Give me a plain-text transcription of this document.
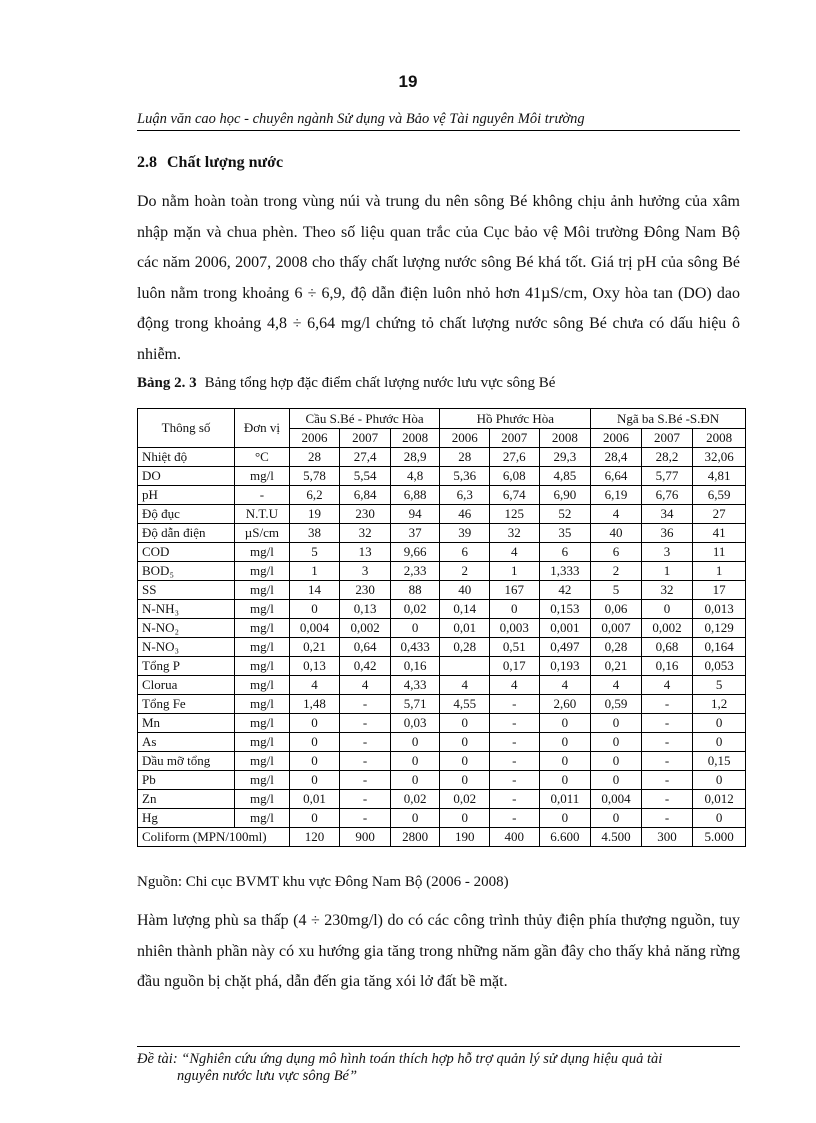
19
Luận văn cao học - chuyên ngành Sử dụng và Bảo vệ Tài nguyên Môi trường
2.8 Chất lượng nước

Do nằm hoàn toàn trong vùng núi và trung du nên sông Bé không chịu ảnh hưởng của xâm nhập mặn và chua phèn. Theo số liệu quan trắc của Cục bảo vệ Môi trường Đông Nam Bộ các năm 2006, 2007, 2008 cho thấy chất lượng nước sông Bé khá tốt. Giá trị pH của sông Bé luôn nằm trong khoảng 6 ÷ 6,9, độ dẫn điện luôn nhỏ hơn 41µS/cm, Oxy hòa tan (DO) dao động trong khoảng 4,8 ÷ 6,64 mg/l chứng tỏ chất lượng nước sông Bé chưa có dấu hiệu ô nhiễm.

Bảng 2. 3 Bảng tổng hợp đặc điểm chất lượng nước lưu vực sông Bé
Thông số	Đơn vị	Cầu S.Bé - Phước Hòa			Hồ Phước Hòa			Ngã ba S.Bé -S.ĐN		
		2006	2007	2008	2006	2007	2008	2006	2007	2008
Nhiệt độ	°C	28	27,4	28,9	28	27,6	29,3	28,4	28,2	32,06
DO	mg/l	5,78	5,54	4,8	5,36	6,08	4,85	6,64	5,77	4,81
pH	-	6,2	6,84	6,88	6,3	6,74	6,90	6,19	6,76	6,59
Độ đục	N.T.U	19	230	94	46	125	52	4	34	27
Độ dẫn điện	µS/cm	38	32	37	39	32	35	40	36	41
COD	mg/l	5	13	9,66	6	4	6	6	3	11
BOD₅	mg/l	1	3	2,33	2	1	1,333	2	1	1
SS	mg/l	14	230	88	40	167	42	5	32	17
N-NH₃	mg/l	0	0,13	0,02	0,14	0	0,153	0,06	0	0,013
N-NO₂	mg/l	0,004	0,002	0	0,01	0,003	0,001	0,007	0,002	0,129
N-NO₃	mg/l	0,21	0,64	0,433	0,28	0,51	0,497	0,28	0,68	0,164
Tổng P	mg/l	0,13	0,42	0,16		0,17	0,193	0,21	0,16	0,053
Clorua	mg/l	4	4	4,33	4	4	4	4	4	5
Tổng Fe	mg/l	1,48	-	5,71	4,55	-	2,60	0,59	-	1,2
Mn	mg/l	0	-	0,03	0	-	0	0	-	0
As	mg/l	0	-	0	0	-	0	0	-	0
Dầu mỡ tổng	mg/l	0	-	0	0	-	0	0	-	0,15
Pb	mg/l	0	-	0	0	-	0	0	-	0
Zn	mg/l	0,01	-	0,02	0,02	-	0,011	0,004	-	0,012
Hg	mg/l	0	-	0	0	-	0	0	-	0
Coliform (MPN/100ml)		120	900	2800	190	400	6.600	4.500	300	5.000
Nguồn: Chi cục BVMT khu vực Đông Nam Bộ (2006 - 2008)

Hàm lượng phù sa thấp (4 ÷ 230mg/l) do có các công trình thủy điện phía thượng nguồn, tuy nhiên thành phần này có xu hướng gia tăng trong những năm gần đây cho thấy khả năng rừng đầu nguồn bị chặt phá, dẫn đến gia tăng xói lở đất bề mặt.

Đề tài: “Nghiên cứu ứng dụng mô hình toán thích hợp hỗ trợ quản lý sử dụng hiệu quả tài
nguyên nước lưu vực sông Bé”
